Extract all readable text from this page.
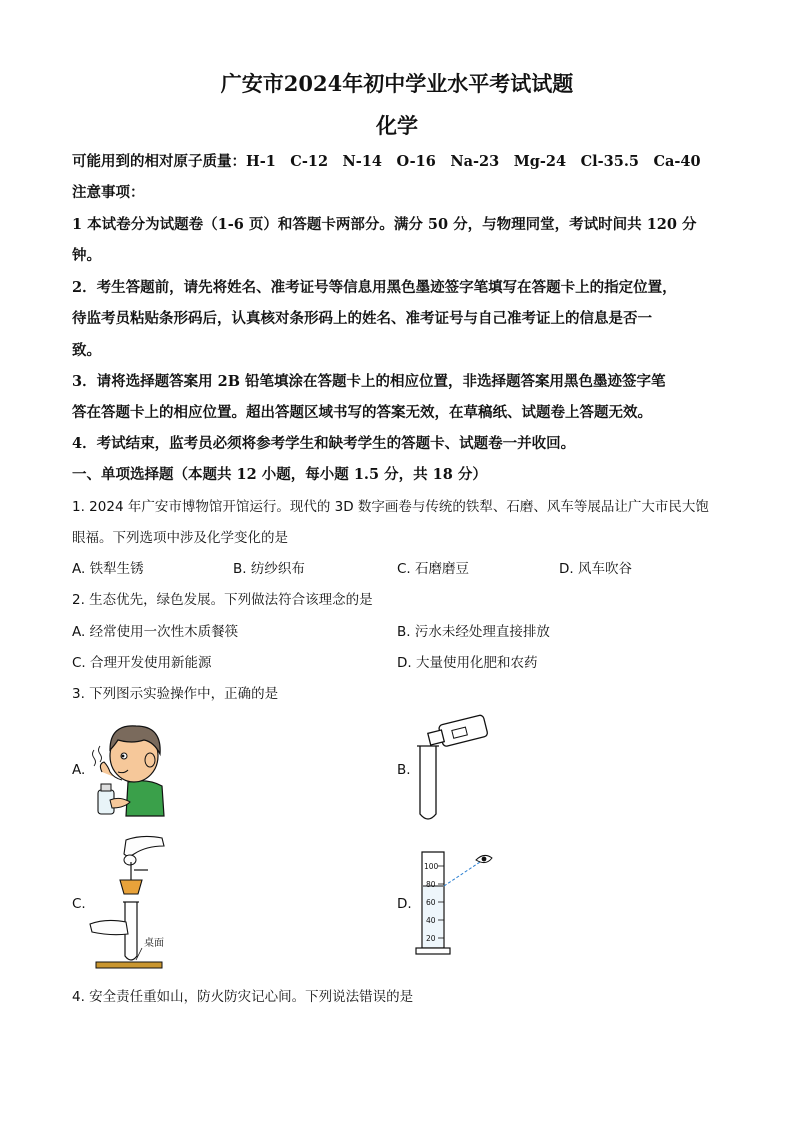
广安市2024年初中学业水平考试试题
化学
可能用到的相对原子质量：H-1　C-12　N-14　O-16　Na-23　Mg-24　Cl-35.5　Ca-40
注意事项：
1 本试卷分为试题卷（1-6 页）和答题卡两部分。满分 50 分，与物理同堂，考试时间共 120 分
钟。
2．考生答题前，请先将姓名、准考证号等信息用黑色墨迹签字笔填写在答题卡上的指定位置，
待监考员粘贴条形码后，认真核对条形码上的姓名、准考证号与自己准考证上的信息是否一
致。
3．请将选择题答案用 2B 铅笔填涂在答题卡上的相应位置，非选择题答案用黑色墨迹签字笔
答在答题卡上的相应位置。超出答题区域书写的答案无效，在草稿纸、试题卷上答题无效。
4．考试结束，监考员必须将参考学生和缺考学生的答题卡、试题卷一并收回。
一、单项选择题（本题共 12 小题，每小题 1.5 分，共 18 分）
1. 2024 年广安市博物馆开馆运行。现代的 3D 数字画卷与传统的铁犁、石磨、风车等展品让广大市民大饱
眼福。下列选项中涉及化学变化的是
A. 铁犁生锈	B. 纺纱织布	C. 石磨磨豆	D. 风车吹谷
2. 生态优先，绿色发展。下列做法符合该理念的是
A. 经常使用一次性木质餐筷	B. 污水未经处理直接排放
C. 合理开发使用新能源	D. 大量使用化肥和农药
3. 下列图示实验操作中，正确的是
A.	B.
C.	D.
桌面
100
80
60
40
20
4. 安全责任重如山，防火防灾记心间。下列说法错误的是
